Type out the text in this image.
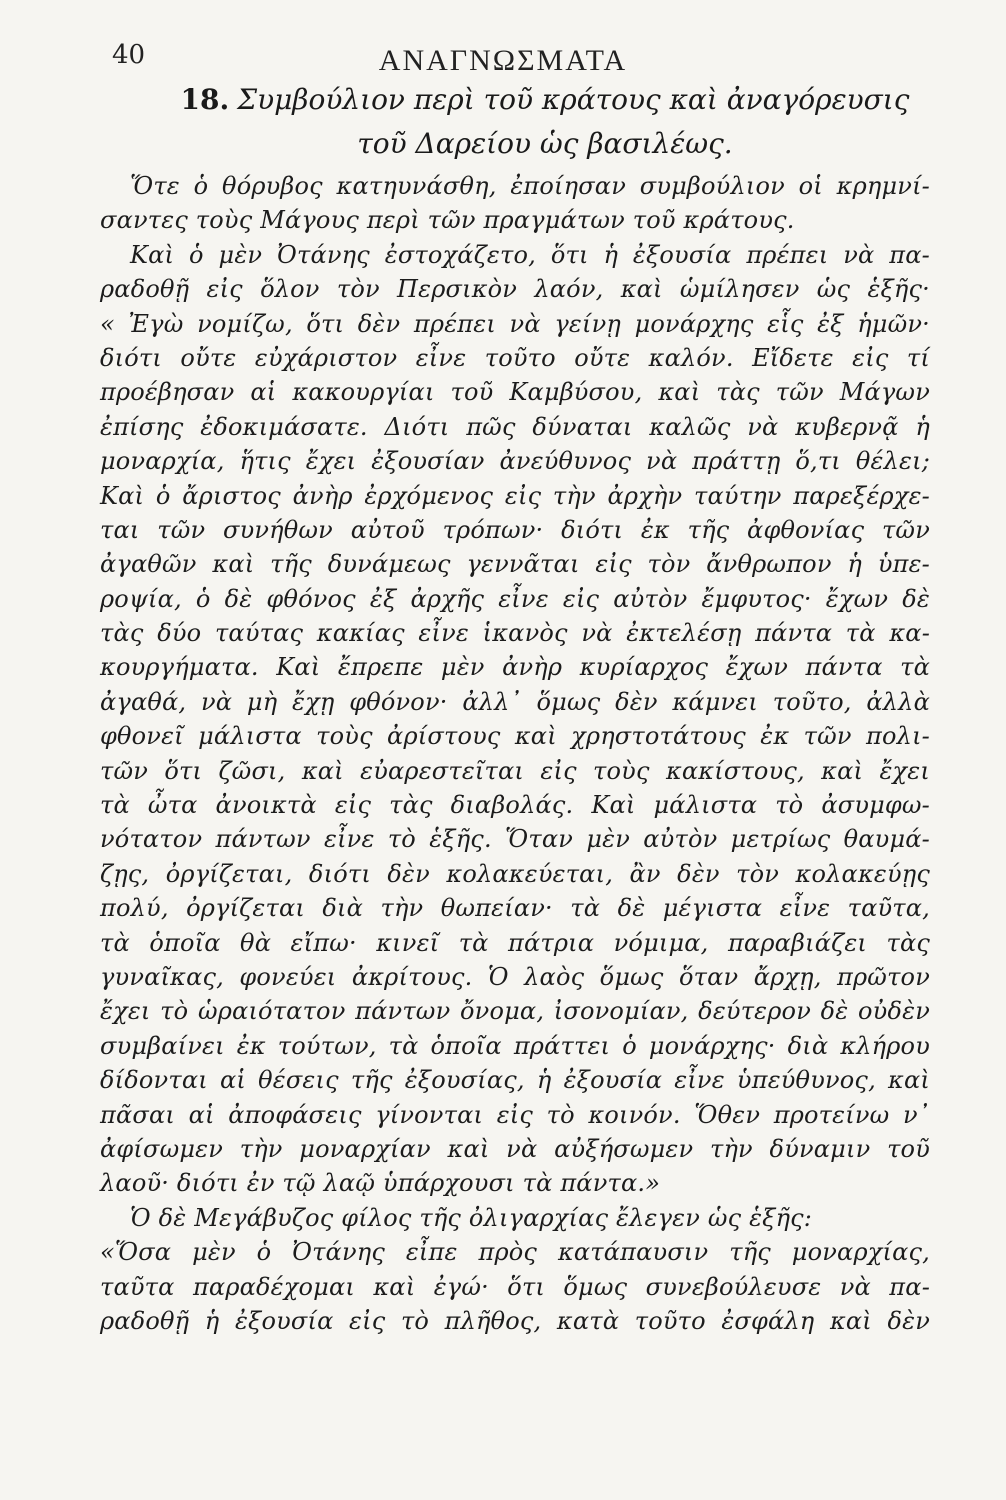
40	ΑΝΑΓΝΩΣΜΑΤΑ
18. Συμβούλιον περὶ τοῦ κράτους καὶ ἀναγόρευσις
τοῦ Δαρείου ὡς βασιλέως.
Ὅτε ὁ θόρυβος κατηυνάσθη, ἐποίησαν συμβούλιον οἱ κρημνί-
σαντες τοὺς Μάγους περὶ τῶν πραγμάτων τοῦ κράτους.
Καὶ ὁ μὲν Ὀτάνης ἐστοχάζετο, ὅτι ἡ ἐξουσία πρέπει νὰ πα-
ραδοθῇ εἰς ὅλον τὸν Περσικὸν λαόν, καὶ ὡμίλησεν ὡς ἑξῆς·
« Ἐγὼ νομίζω, ὅτι δὲν πρέπει νὰ γείνῃ μονάρχης εἷς ἐξ ἡμῶν·
διότι οὔτε εὐχάριστον εἶνε τοῦτο οὔτε καλόν. Εἴδετε εἰς τί
προέβησαν αἱ κακουργίαι τοῦ Καμβύσου, καὶ τὰς τῶν Μάγων
ἐπίσης ἐδοκιμάσατε. Διότι πῶς δύναται καλῶς νὰ κυβερνᾷ ἡ
μοναρχία, ἥτις ἔχει ἐξουσίαν ἀνεύθυνος νὰ πράττῃ ὅ,τι θέλει;
Καὶ ὁ ἄριστος ἀνὴρ ἐρχόμενος εἰς τὴν ἀρχὴν ταύτην παρεξέρχε-
ται τῶν συνήθων αὐτοῦ τρόπων· διότι ἐκ τῆς ἀφθονίας τῶν
ἀγαθῶν καὶ τῆς δυνάμεως γεννᾶται εἰς τὸν ἄνθρωπον ἡ ὑπε-
ροψία, ὁ δὲ φθόνος ἐξ ἀρχῆς εἶνε εἰς αὐτὸν ἔμφυτος· ἔχων δὲ
τὰς δύο ταύτας κακίας εἶνε ἱκανὸς νὰ ἐκτελέσῃ πάντα τὰ κα-
κουργήματα. Καὶ ἔπρεπε μὲν ἀνὴρ κυρίαρχος ἔχων πάντα τὰ
ἀγαθά, νὰ μὴ ἔχῃ φθόνον· ἀλλ᾽ ὅμως δὲν κάμνει τοῦτο, ἀλλὰ
φθονεῖ μάλιστα τοὺς ἀρίστους καὶ χρηστοτάτους ἐκ τῶν πολι-
τῶν ὅτι ζῶσι, καὶ εὐαρεστεῖται εἰς τοὺς κακίστους, καὶ ἔχει
τὰ ὦτα ἀνοικτὰ εἰς τὰς διαβολάς. Καὶ μάλιστα τὸ ἀσυμφω-
νότατον πάντων εἶνε τὸ ἑξῆς. Ὅταν μὲν αὐτὸν μετρίως θαυμά-
ζῃς, ὀργίζεται, διότι δὲν κολακεύεται, ἂν δὲν τὸν κολακεύῃς
πολύ, ὀργίζεται διὰ τὴν θωπείαν· τὰ δὲ μέγιστα εἶνε ταῦτα,
τὰ ὁποῖα θὰ εἴπω· κινεῖ τὰ πάτρια νόμιμα, παραβιάζει τὰς
γυναῖκας, φονεύει ἀκρίτους. Ὁ λαὸς ὅμως ὅταν ἄρχῃ, πρῶτον
ἔχει τὸ ὡραιότατον πάντων ὄνομα, ἰσονομίαν, δεύτερον δὲ οὐδὲν
συμβαίνει ἐκ τούτων, τὰ ὁποῖα πράττει ὁ μονάρχης· διὰ κλήρου
δίδονται αἱ θέσεις τῆς ἐξουσίας, ἡ ἐξουσία εἶνε ὑπεύθυνος, καὶ
πᾶσαι αἱ ἀποφάσεις γίνονται εἰς τὸ κοινόν. Ὅθεν προτείνω ν᾽
ἀφίσωμεν τὴν μοναρχίαν καὶ νὰ αὐξήσωμεν τὴν δύναμιν τοῦ
λαοῦ· διότι ἐν τῷ λαῷ ὑπάρχουσι τὰ πάντα.»
Ὁ δὲ Μεγάβυζος φίλος τῆς ὀλιγαρχίας ἔλεγεν ὡς ἑξῆς:
«Ὅσα μὲν ὁ Ὀτάνης εἶπε πρὸς κατάπαυσιν τῆς μοναρχίας,
ταῦτα παραδέχομαι καὶ ἐγώ· ὅτι ὅμως συνεβούλευσε νὰ πα-
ραδοθῇ ἡ ἐξουσία εἰς τὸ πλῆθος, κατὰ τοῦτο ἐσφάλη καὶ δὲν
